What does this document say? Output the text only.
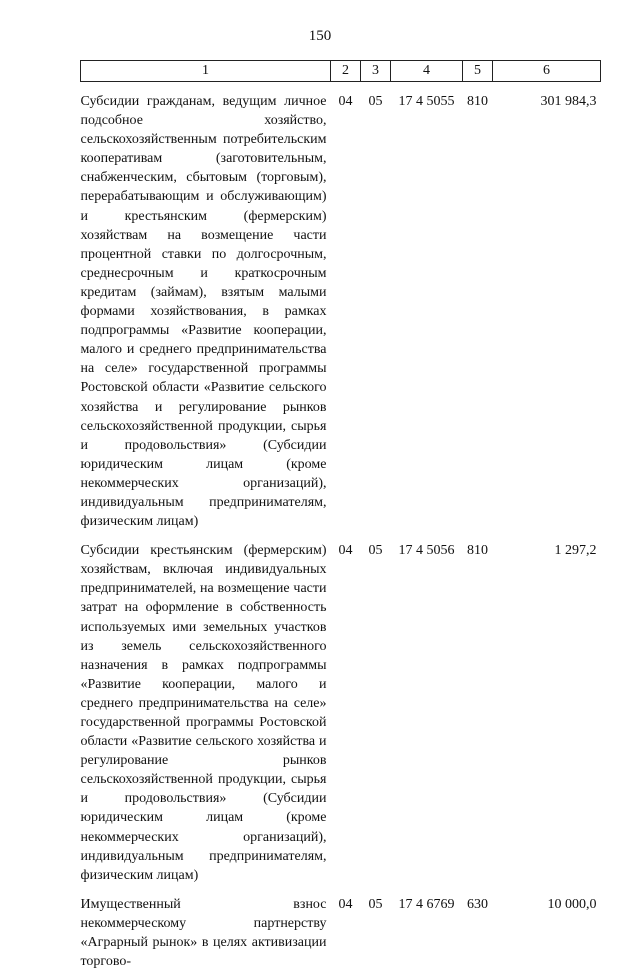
150
1	2	3	4	5	6

Субсидии гражданам, ведущим личное подсобное хозяйство, сельскохозяйственным потребительским кооперативам (заготовительным, снабженческим, сбытовым (торговым), перерабатывающим и обслуживающим) и крестьянским (фермерским) хозяйствам на возмещение части процентной ставки по долгосрочным, среднесрочным и краткосрочным кредитам (займам), взятым малыми формами хозяйствования, в рамках подпрограммы «Развитие кооперации, малого и среднего предпринимательства на селе» государственной программы Ростовской области «Развитие сельского хозяйства и регулирование рынков сельскохозяйственной продукции, сырья и продовольствия» (Субсидии юридическим лицам (кроме некоммерческих организаций), индивидуальным предпринимателям, физическим лицам)	04	05	17 4 5055	810	301 984,3

Субсидии крестьянским (фермерским) хозяйствам, включая индивидуальных предпринимателей, на возмещение части затрат на оформление в собственность используемых ими земельных участков из земель сельскохозяйственного назначения в рамках подпрограммы «Развитие кооперации, малого и среднего предпринимательства на селе» государственной программы Ростовской области «Развитие сельского хозяйства и регулирование рынков сельскохозяйственной продукции, сырья и продовольствия» (Субсидии юридическим лицам (кроме некоммерческих организаций), индивидуальным предпринимателям, физическим лицам)	04	05	17 4 5056	810	1 297,2

Имущественный взнос некоммерческому партнерству «Аграрный рынок» в целях активизации торгово-	04	05	17 4 6769	630	10 000,0
